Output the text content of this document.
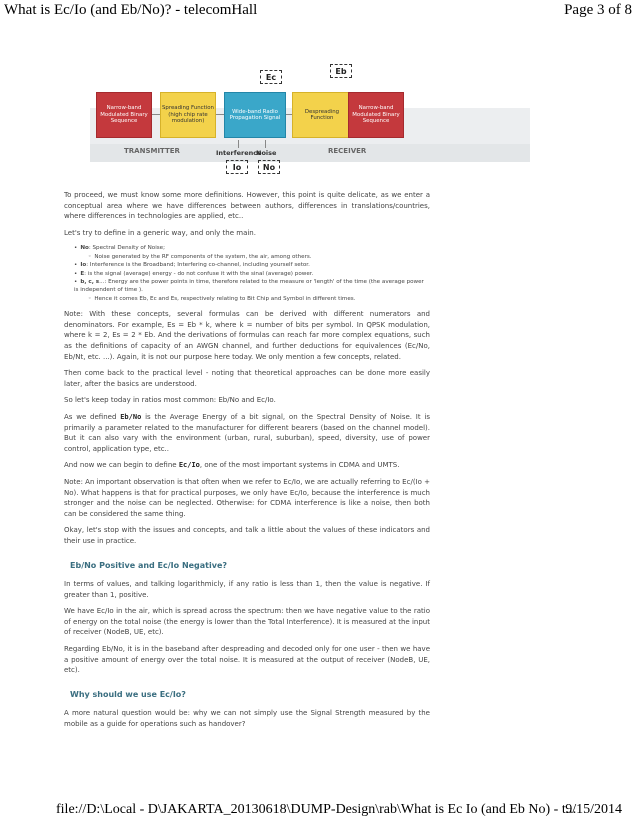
What is Ec/Io (and Eb/No)? - telecomHall	Page 3 of 8
Narrow-band Modulated Binary Sequence
Spreading Function (high chip rate modulation)
Wide-band Radio Propagation Signal
Despreading Function
Narrow-band Modulated Binary Sequence
Ec
Eb
TRANSMITTER	RECEIVER
Interference
Noise
Io	No

To proceed, we must know some more definitions. However, this point is quite delicate, as we enter a conceptual area where we have differences between authors, differences in translations/countries, where differences in technologies are applied, etc..

Let's try to define in a generic way, and only the main.

• No: Spectral Density of Noise;
◦ Noise generated by the RF components of the system, the air, among others.
• Io: Interference is the Broadband; Interfering co-channel, including yourself setor.
• E: is the signal (average) energy - do not confuse it with the sinal (average) power.
• b, c, s...: Energy are the power points in time, therefore related to the measure or 'length' of the time (the average power is independent of time ).
◦ Hence it comes Eb, Ec and Es, respectively relating to Bit Chip and Symbol in different times.

Note: With these concepts, several formulas can be derived with different numerators and denominators. For example, Es = Eb * k, where k = number of bits per symbol. In QPSK modulation, where k = 2, Es = 2 * Eb. And the derivations of formulas can reach far more complex equations, such as the definitions of capacity of an AWGN channel, and further deductions for equivalences (Ec/No, Eb/Nt, etc. ...). Again, it is not our purpose here today. We only mention a few concepts, related.

Then come back to the practical level - noting that theoretical approaches can be done more easily later, after the basics are understood.

So let's keep today in ratios most common: Eb/No and Ec/Io.

As we defined Eb/No is the Average Energy of a bit signal, on the Spectral Density of Noise. It is primarily a parameter related to the manufacturer for different bearers (based on the channel model). But it can also vary with the environment (urban, rural, suburban), speed, diversity, use of power control, application type, etc..

And now we can begin to define Ec/Io, one of the most important systems in CDMA and UMTS.

Note: An important observation is that often when we refer to Ec/Io, we are actually referring to Ec/(Io + No). What happens is that for practical purposes, we only have Ec/Io, because the interference is much stronger and the noise can be neglected. Otherwise: for CDMA interference is like a noise, then both can be considered the same thing.

Okay, let's stop with the issues and concepts, and talk a little about the values of these indicators and their use in practice.

Eb/No Positive and Ec/Io Negative?

In terms of values, and talking logarithmicly, if any ratio is less than 1, then the value is negative. If greater than 1, positive.

We have Ec/Io in the air, which is spread across the spectrum: then we have negative value to the ratio of energy on the total noise (the energy is lower than the Total Interference). It is measured at the input of receiver (NodeB, UE, etc).

Regarding Eb/No, it is in the baseband after despreading and decoded only for one user - then we have a positive amount of energy over the total noise. It is measured at the output of receiver (NodeB, UE, etc).

Why should we use Ec/Io?

A more natural question would be: why we can not simply use the Signal Strength measured by the mobile as a guide for operations such as handover?

file://D:\Local - D\JAKARTA_20130618\DUMP-Design\rab\What is Ec Io (and Eb No) - t...
9/15/2014
